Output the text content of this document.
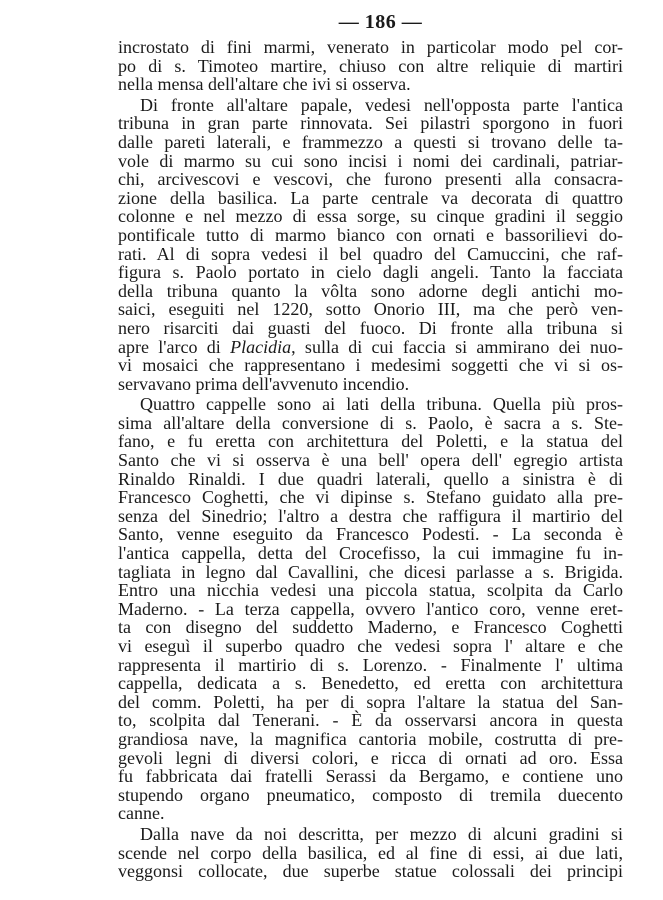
— 186 —
incrostato di fini marmi, venerato in particolar modo pel cor-
po di s. Timoteo martire, chiuso con altre reliquie di martiri
nella mensa dell'altare che ivi si osserva.
Di fronte all'altare papale, vedesi nell'opposta parte l'antica
tribuna in gran parte rinnovata. Sei pilastri sporgono in fuori
dalle pareti laterali, e frammezzo a questi si trovano delle ta-
vole di marmo su cui sono incisi i nomi dei cardinali, patriar-
chi, arcivescovi e vescovi, che furono presenti alla consacra-
zione della basilica. La parte centrale va decorata di quattro
colonne e nel mezzo di essa sorge, su cinque gradini il seggio
pontificale tutto di marmo bianco con ornati e bassorilievi do-
rati. Al di sopra vedesi il bel quadro del Camuccini, che raf-
figura s. Paolo portato in cielo dagli angeli. Tanto la facciata
della tribuna quanto la vôlta sono adorne degli antichi mo-
saici, eseguiti nel 1220, sotto Onorio III, ma che però ven-
nero risarciti dai guasti del fuoco. Di fronte alla tribuna si
apre l'arco di Placidia, sulla di cui faccia si ammirano dei nuo-
vi mosaici che rappresentano i medesimi soggetti che vi si os-
servavano prima dell'avvenuto incendio.
Quattro cappelle sono ai lati della tribuna. Quella più pros-
sima all'altare della conversione di s. Paolo, è sacra a s. Ste-
fano, e fu eretta con architettura del Poletti, e la statua del
Santo che vi si osserva è una bell' opera dell' egregio artista
Rinaldo Rinaldi. I due quadri laterali, quello a sinistra è di
Francesco Coghetti, che vi dipinse s. Stefano guidato alla pre-
senza del Sinedrio; l'altro a destra che raffigura il martirio del
Santo, venne eseguito da Francesco Podesti. - La seconda è
l'antica cappella, detta del Crocefisso, la cui immagine fu in-
tagliata in legno dal Cavallini, che dicesi parlasse a s. Brigida.
Entro una nicchia vedesi una piccola statua, scolpita da Carlo
Maderno. - La terza cappella, ovvero l'antico coro, venne eret-
ta con disegno del suddetto Maderno, e Francesco Coghetti
vi eseguì il superbo quadro che vedesi sopra l' altare e che
rappresenta il martirio di s. Lorenzo. - Finalmente l' ultima
cappella, dedicata a s. Benedetto, ed eretta con architettura
del comm. Poletti, ha per di sopra l'altare la statua del San-
to, scolpita dal Tenerani. - È da osservarsi ancora in questa
grandiosa nave, la magnifica cantoria mobile, costrutta di pre-
gevoli legni di diversi colori, e ricca di ornati ad oro. Essa
fu fabbricata dai fratelli Serassi da Bergamo, e contiene uno
stupendo organo pneumatico, composto di tremila duecento
canne.
Dalla nave da noi descritta, per mezzo di alcuni gradini si
scende nel corpo della basilica, ed al fine di essi, ai due lati,
veggonsi collocate, due superbe statue colossali dei principi
